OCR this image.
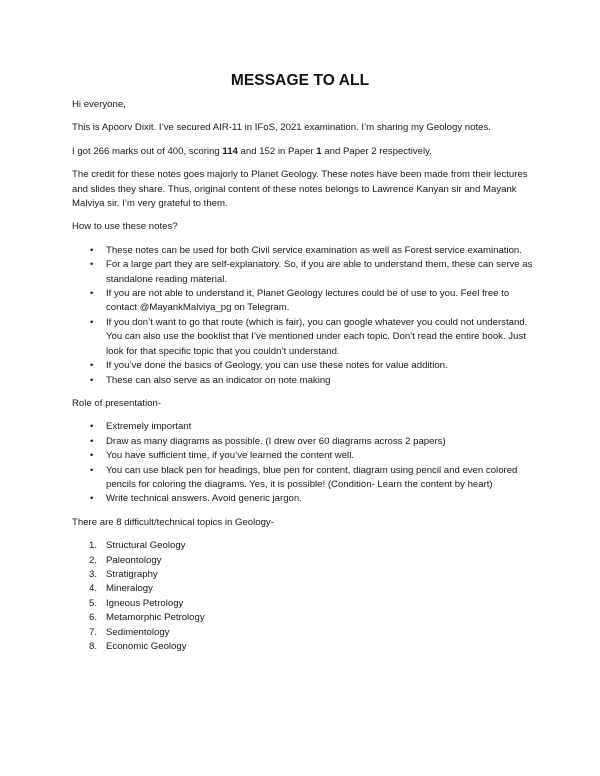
MESSAGE TO ALL

Hi everyone,

This is Apoorv Dixit. I’ve secured AIR-11 in IFoS, 2021 examination. I’m sharing my Geology notes.

I got 266 marks out of 400, scoring 114 and 152 in Paper 1 and Paper 2 respectively.

The credit for these notes goes majorly to Planet Geology. These notes have been made from their lectures and slides they share. Thus, original content of these notes belongs to Lawrence Kanyan sir and Mayank Malviya sir. I’m very grateful to them.

How to use these notes?

•	These notes can be used for both Civil service examination as well as Forest service examination.
•	For a large part they are self-explanatory. So, if you are able to understand them, these can serve as standalone reading material.
•	If you are not able to understand it, Planet Geology lectures could be of use to you. Feel free to contact @MayankMalviya_pg on Telegram.
•	If you don’t want to go that route (which is fair), you can google whatever you could not understand. You can also use the booklist that I’ve mentioned under each topic. Don’t read the entire book. Just look for that specific topic that you couldn’t understand.
•	If you’ve done the basics of Geology, you can use these notes for value addition.
•	These can also serve as an indicator on note making

Role of presentation-

•	Extremely important
•	Draw as many diagrams as possible. (I drew over 60 diagrams across 2 papers)
•	You have sufficient time, if you’ve learned the content well.
•	You can use black pen for headings, blue pen for content, diagram using pencil and even colored pencils for coloring the diagrams. Yes, it is possible! (Condition- Learn the content by heart)
•	Write technical answers. Avoid generic jargon.

There are 8 difficult/technical topics in Geology-

1. Structural Geology
2. Paleontology
3. Stratigraphy
4. Mineralogy
5. Igneous Petrology
6. Metamorphic Petrology
7. Sedimentology
8. Economic Geology
